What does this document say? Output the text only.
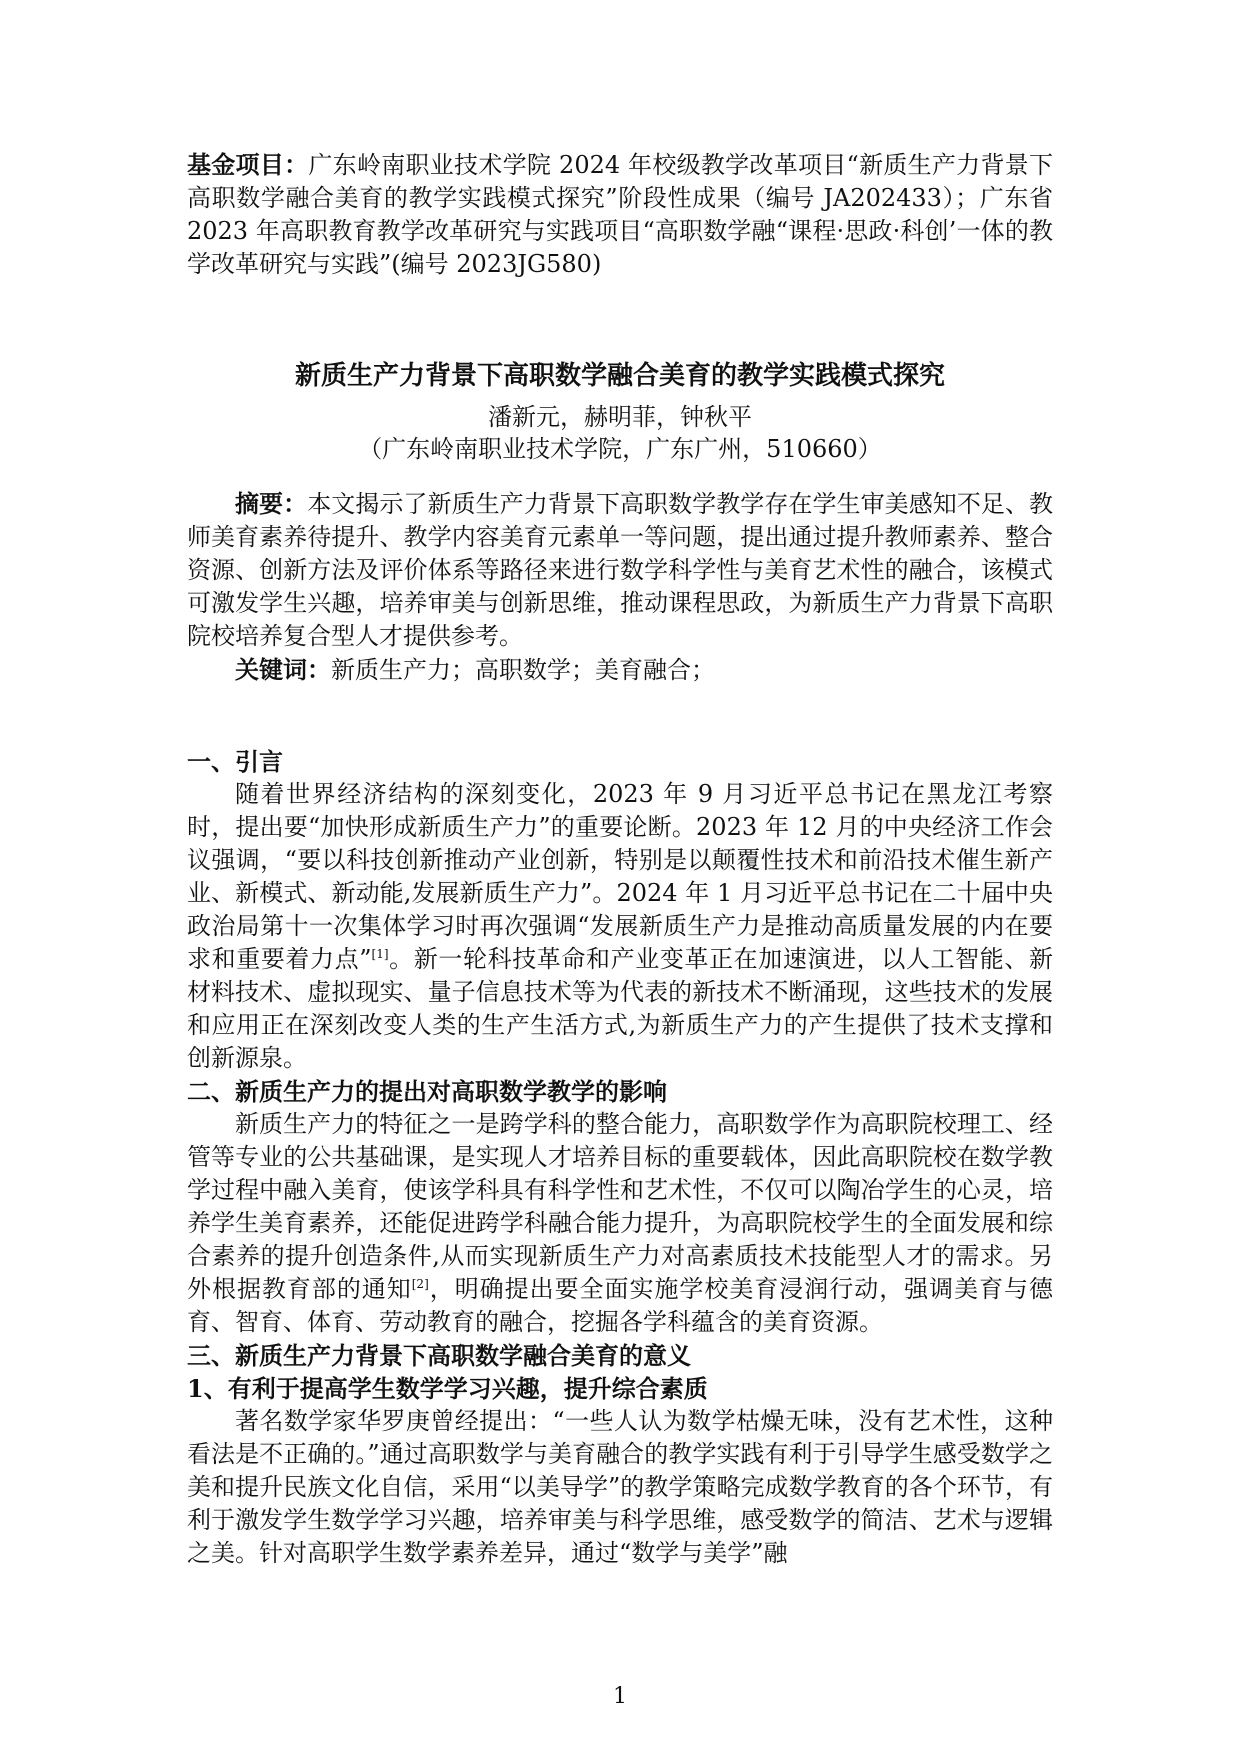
基金项目：广东岭南职业技术学院 2024 年校级教学改革项目“新质生产力背景下高职数学融合美育的教学实践模式探究”阶段性成果（编号 JA202433）；广东省 2023 年高职教育教学改革研究与实践项目“高职数学融“课程·思政·科创’一体的教学改革研究与实践”(编号 2023JG580)

新质生产力背景下高职数学融合美育的教学实践模式探究

潘新元，赫明菲，钟秋平

（广东岭南职业技术学院，广东广州，510660）

摘要：本文揭示了新质生产力背景下高职数学教学存在学生审美感知不足、教师美育素养待提升、教学内容美育元素单一等问题，提出通过提升教师素养、整合资源、创新方法及评价体系等路径来进行数学科学性与美育艺术性的融合，该模式可激发学生兴趣，培养审美与创新思维，推动课程思政，为新质生产力背景下高职院校培养复合型人才提供参考。

关键词：新质生产力；高职数学；美育融合；

一、引言

随着世界经济结构的深刻变化，2023 年 9 月习近平总书记在黑龙江考察时，提出要“加快形成新质生产力”的重要论断。2023 年 12 月的中央经济工作会议强调，“要以科技创新推动产业创新，特别是以颠覆性技术和前沿技术催生新产业、新模式、新动能,发展新质生产力”。2024 年 1 月习近平总书记在二十届中央政治局第十一次集体学习时再次强调“发展新质生产力是推动高质量发展的内在要求和重要着力点”[1]。新一轮科技革命和产业变革正在加速演进，以人工智能、新材料技术、虚拟现实、量子信息技术等为代表的新技术不断涌现，这些技术的发展和应用正在深刻改变人类的生产生活方式,为新质生产力的产生提供了技术支撑和创新源泉。

二、新质生产力的提出对高职数学教学的影响

新质生产力的特征之一是跨学科的整合能力，高职数学作为高职院校理工、经管等专业的公共基础课，是实现人才培养目标的重要载体，因此高职院校在数学教学过程中融入美育，使该学科具有科学性和艺术性，不仅可以陶冶学生的心灵，培养学生美育素养，还能促进跨学科融合能力提升，为高职院校学生的全面发展和综合素养的提升创造条件,从而实现新质生产力对高素质技术技能型人才的需求。另外根据教育部的通知[2]，明确提出要全面实施学校美育浸润行动，强调美育与德育、智育、体育、劳动教育的融合，挖掘各学科蕴含的美育资源。

三、新质生产力背景下高职数学融合美育的意义
1、有利于提高学生数学学习兴趣，提升综合素质

著名数学家华罗庚曾经提出：“一些人认为数学枯燥无味，没有艺术性，这种看法是不正确的。”通过高职数学与美育融合的教学实践有利于引导学生感受数学之美和提升民族文化自信，采用“以美导学”的教学策略完成数学教育的各个环节，有利于激发学生数学学习兴趣，培养审美与科学思维，感受数学的简洁、艺术与逻辑之美。针对高职学生数学素养差异，通过“数学与美学”融

1
